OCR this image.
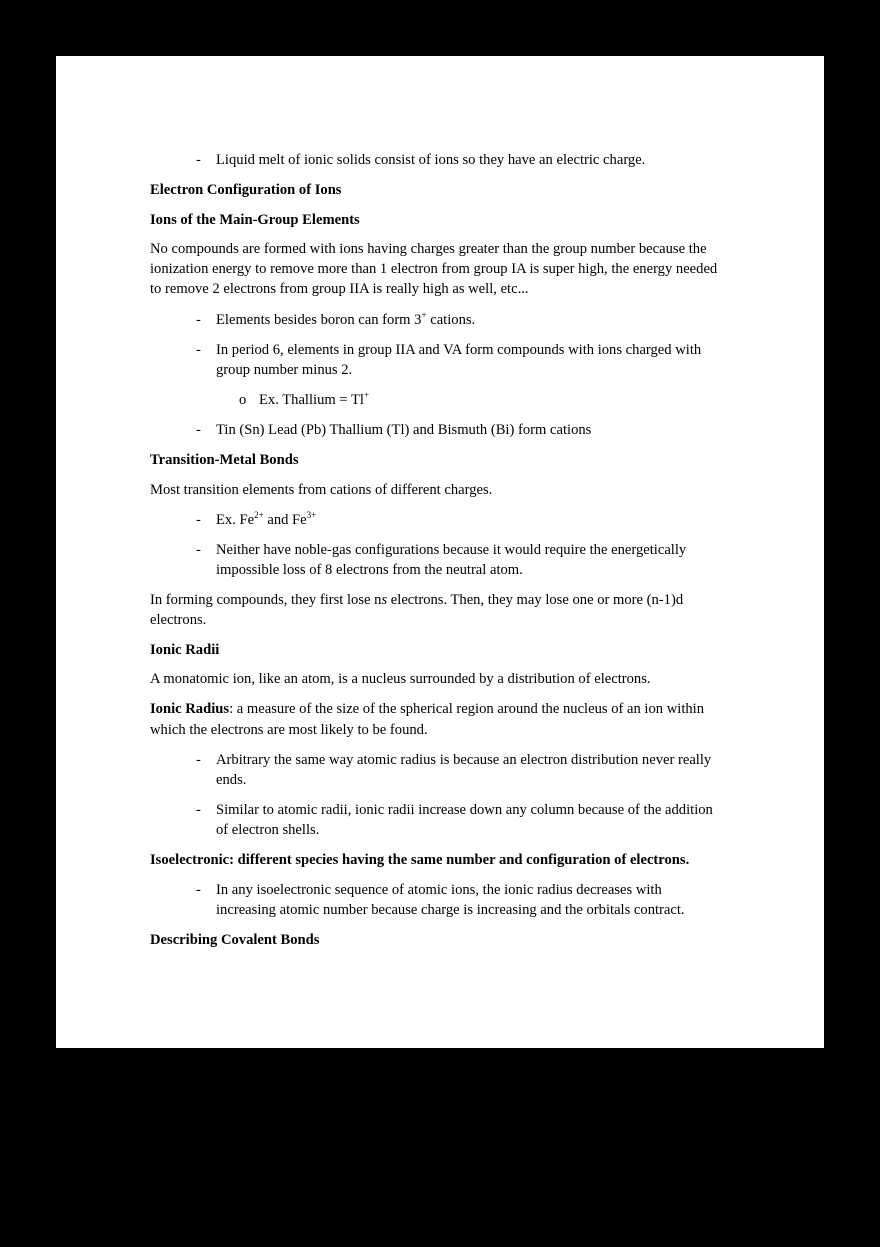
- Liquid melt of ionic solids consist of ions so they have an electric charge.
Electron Configuration of Ions
Ions of the Main-Group Elements
No compounds are formed with ions having charges greater than the group number because the
ionization energy to remove more than 1 electron from group IA is super high, the energy needed
to remove 2 electrons from group IIA is really high as well, etc...
- Elements besides boron can form 3+ cations.
- In period 6, elements in group IIA and VA form compounds with ions charged with
group number minus 2.
o Ex. Thallium = Tl+
- Tin (Sn) Lead (Pb) Thallium (Tl) and Bismuth (Bi) form cations
Transition-Metal Bonds
Most transition elements from cations of different charges.
- Ex. $Fe^{2+}$ and $Fe^{3+}$
- Neither have noble-gas configurations because it would require the energetically
impossible loss of 8 electrons from the neutral atom.
In forming compounds, they first lose ns electrons. Then, they may lose one or more (n-1)d
electrons.
Ionic Radii
A monatomic ion, like an atom, is a nucleus surrounded by a distribution of electrons.
Ionic Radius: a measure of the size of the spherical region around the nucleus of an ion within
which the electrons are most likely to be found.
- Arbitrary the same way atomic radius is because an electron distribution never really
ends.
- Similar to atomic radii, ionic radii increase down any column because of the addition
of electron shells.
Isoelectronic: different species having the same number and configuration of electrons.
- In any isoelectronic sequence of atomic ions, the ionic radius decreases with
increasing atomic number because charge is increasing and the orbitals contract.
Describing Covalent Bonds
